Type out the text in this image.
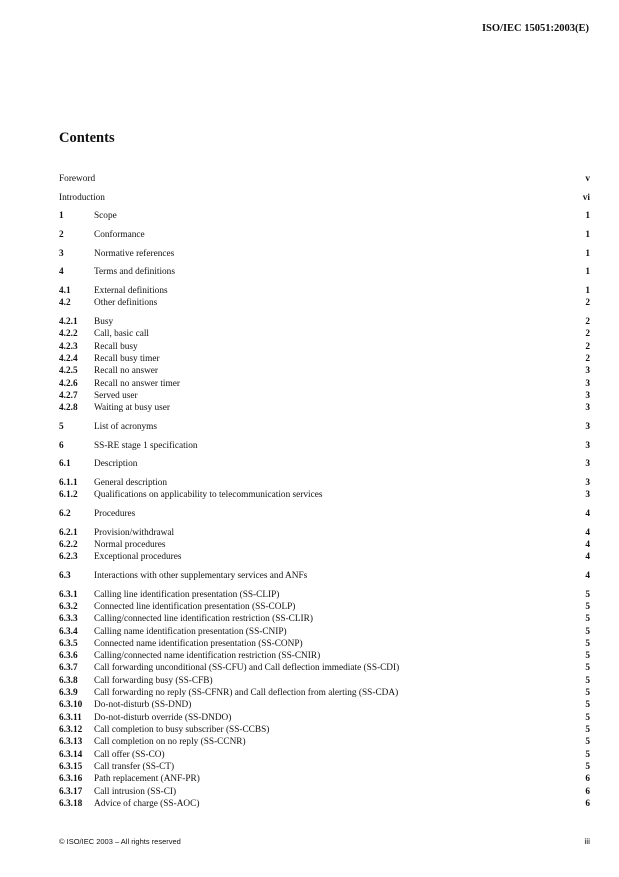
ISO/IEC 15051:2003(E)
Contents
Foreword	v
Introduction	vi
1	Scope	1
2	Conformance	1
3	Normative references	1
4	Terms and definitions	1
4.1	External definitions	1
4.2	Other definitions	2
4.2.1 Busy	2
4.2.2 Call, basic call	2
4.2.3 Recall busy	2
4.2.4 Recall busy timer	2
4.2.5 Recall no answer	3
4.2.6 Recall no answer timer	3
4.2.7 Served user	3
4.2.8 Waiting at busy user	3
5	List of acronyms	3
6	SS-RE stage 1 specification	3
6.1	Description	3
6.1.1 General description	3
6.1.2 Qualifications on applicability to telecommunication services	3
6.2	Procedures	4
6.2.1 Provision/withdrawal	4
6.2.2 Normal procedures	4
6.2.3 Exceptional procedures	4
6.3	Interactions with other supplementary services and ANFs	4
6.3.1 Calling line identification presentation (SS-CLIP)	5
6.3.2 Connected line identification presentation (SS-COLP)	5
6.3.3 Calling/connected line identification restriction (SS-CLIR)	5
6.3.4 Calling name identification presentation (SS-CNIP)	5
6.3.5 Connected name identification presentation (SS-CONP)	5
6.3.6 Calling/connected name identification restriction (SS-CNIR)	5
6.3.7 Call forwarding unconditional (SS-CFU) and Call deflection immediate (SS-CDI)	5
6.3.8 Call forwarding busy (SS-CFB)	5
6.3.9 Call forwarding no reply (SS-CFNR) and Call deflection from alerting (SS-CDA)	5
6.3.10 Do-not-disturb (SS-DND)	5
6.3.11 Do-not-disturb override (SS-DNDO)	5
6.3.12 Call completion to busy subscriber (SS-CCBS)	5
6.3.13 Call completion on no reply (SS-CCNR)	5
6.3.14 Call offer (SS-CO)	5
6.3.15 Call transfer (SS-CT)	5
6.3.16 Path replacement (ANF-PR)	6
6.3.17 Call intrusion (SS-CI)	6
6.3.18 Advice of charge (SS-AOC)	6
© ISO/IEC 2003 – All rights reserved	iii
